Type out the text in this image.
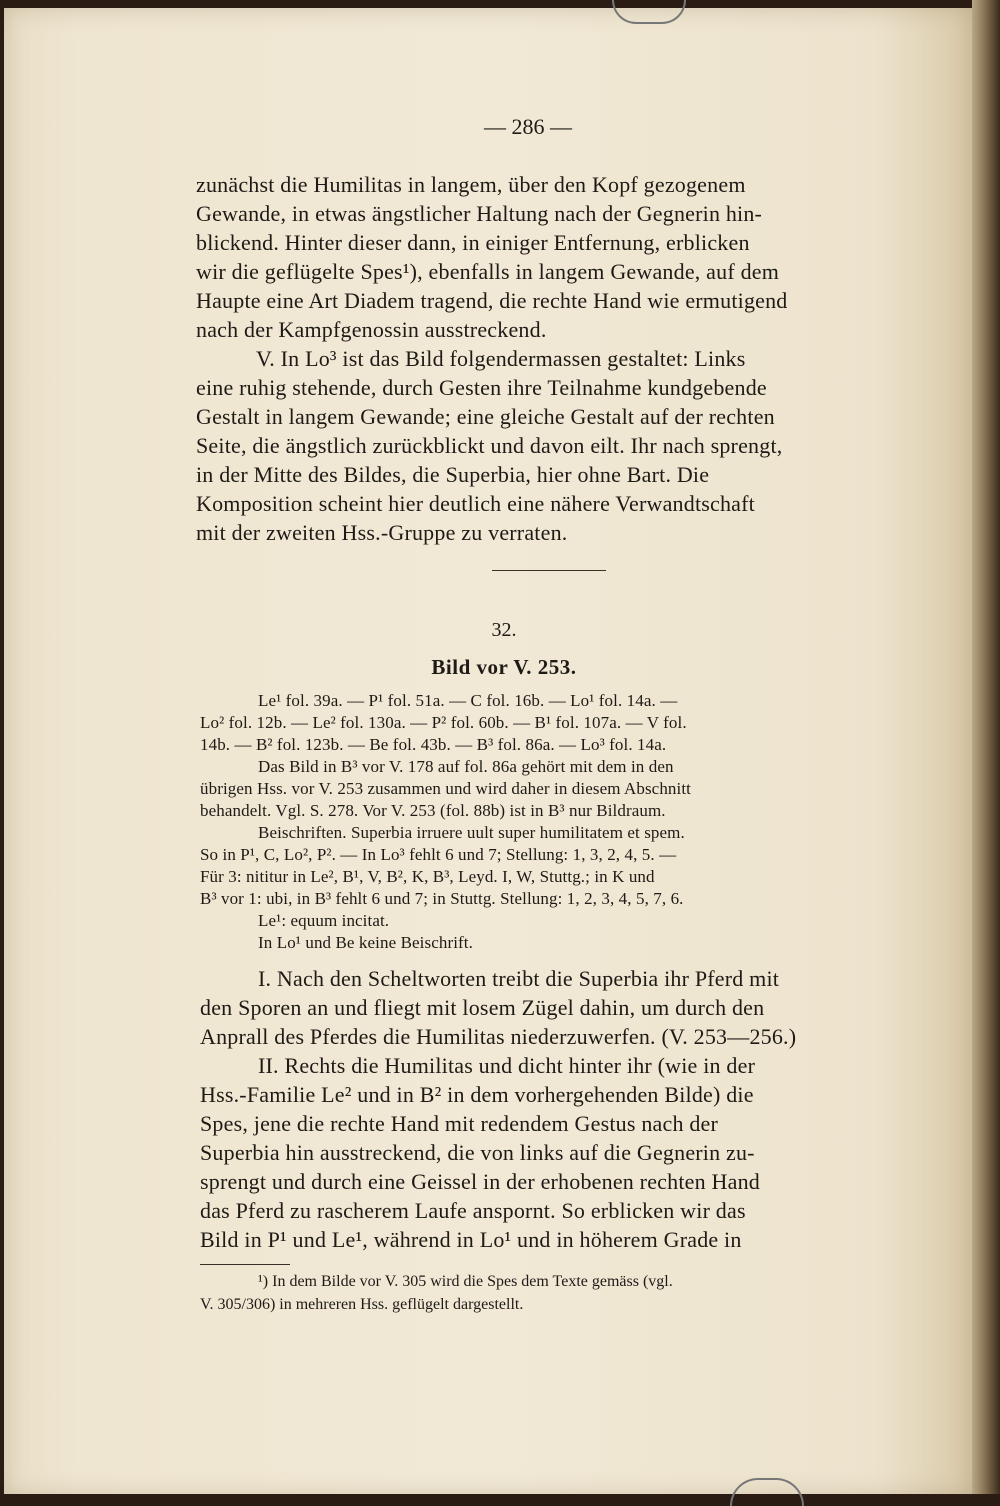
— 286 —
zunächst die Humilitas in langem, über den Kopf gezogenem
Gewande, in etwas ängstlicher Haltung nach der Gegnerin hin-
blickend. Hinter dieser dann, in einiger Entfernung, erblicken
wir die geflügelte Spes¹), ebenfalls in langem Gewande, auf dem
Haupte eine Art Diadem tragend, die rechte Hand wie ermutigend
nach der Kampfgenossin ausstreckend.
V. In Lo³ ist das Bild folgendermassen gestaltet: Links
eine ruhig stehende, durch Gesten ihre Teilnahme kundgebende
Gestalt in langem Gewande; eine gleiche Gestalt auf der rechten
Seite, die ängstlich zurückblickt und davon eilt. Ihr nach sprengt,
in der Mitte des Bildes, die Superbia, hier ohne Bart. Die
Komposition scheint hier deutlich eine nähere Verwandtschaft
mit der zweiten Hss.-Gruppe zu verraten.
32.
Bild vor V. 253.
Le¹ fol. 39a. — P¹ fol. 51a. — C fol. 16b. — Lo¹ fol. 14a. —
Lo² fol. 12b. — Le² fol. 130a. — P² fol. 60b. — B¹ fol. 107a. — V fol.
14b. — B² fol. 123b. — Be fol. 43b. — B³ fol. 86a. — Lo³ fol. 14a.
Das Bild in B³ vor V. 178 auf fol. 86a gehört mit dem in den
übrigen Hss. vor V. 253 zusammen und wird daher in diesem Abschnitt
behandelt. Vgl. S. 278. Vor V. 253 (fol. 88b) ist in B³ nur Bildraum.
Beischriften. Superbia irruere uult super humilitatem et spem.
So in P¹, C, Lo², P². — In Lo³ fehlt 6 und 7; Stellung: 1, 3, 2, 4, 5. —
Für 3: nititur in Le², B¹, V, B², K, B³, Leyd. I, W, Stuttg.; in K und
B³ vor 1: ubi, in B³ fehlt 6 und 7; in Stuttg. Stellung: 1, 2, 3, 4, 5, 7, 6.
Le¹: equum incitat.
In Lo¹ und Be keine Beischrift.
I. Nach den Scheltworten treibt die Superbia ihr Pferd mit
den Sporen an und fliegt mit losem Zügel dahin, um durch den
Anprall des Pferdes die Humilitas niederzuwerfen. (V. 253—256.)
II. Rechts die Humilitas und dicht hinter ihr (wie in der
Hss.-Familie Le² und in B² in dem vorhergehenden Bilde) die
Spes, jene die rechte Hand mit redendem Gestus nach der
Superbia hin ausstreckend, die von links auf die Gegnerin zu-
sprengt und durch eine Geissel in der erhobenen rechten Hand
das Pferd zu rascherem Laufe anspornt. So erblicken wir das
Bild in P¹ und Le¹, während in Lo¹ und in höherem Grade in
¹) In dem Bilde vor V. 305 wird die Spes dem Texte gemäss (vgl.
V. 305/306) in mehreren Hss. geflügelt dargestellt.
